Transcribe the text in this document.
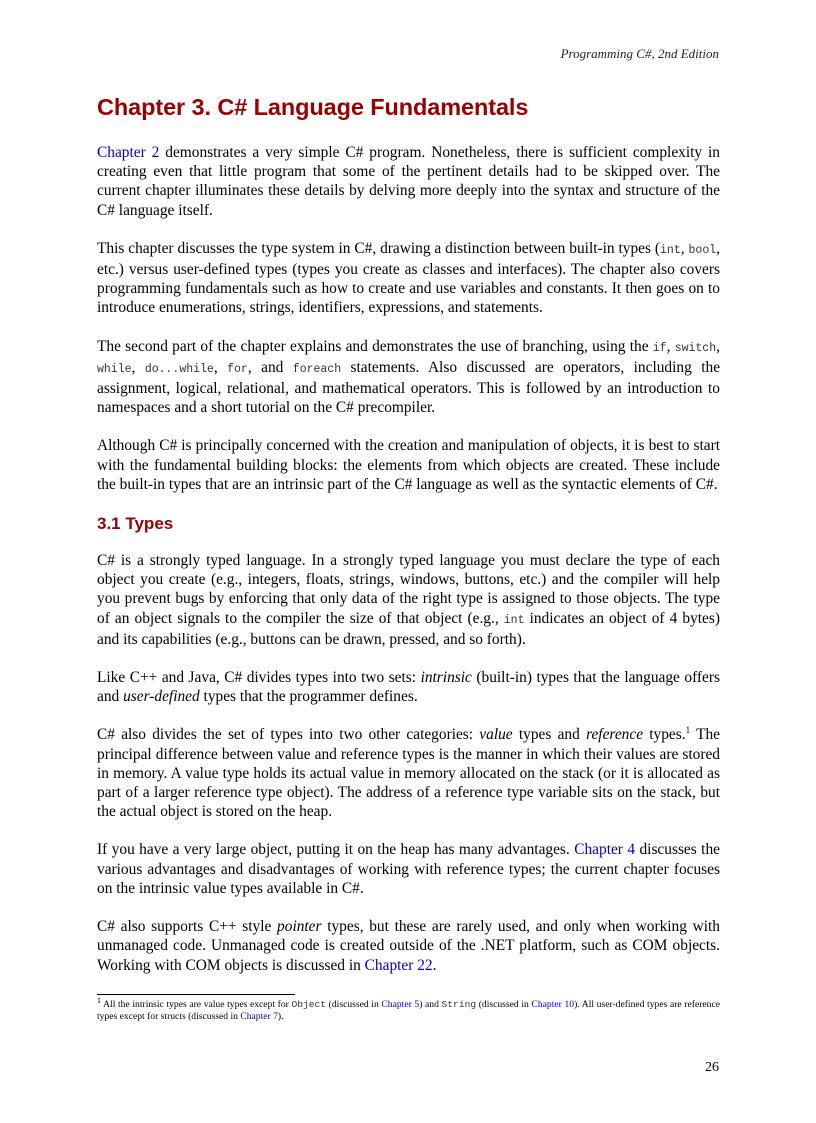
Programming C#, 2nd Edition
Chapter 3. C# Language Fundamentals

Chapter 2 demonstrates a very simple C# program. Nonetheless, there is sufficient complexity in creating even that little program that some of the pertinent details had to be skipped over. The current chapter illuminates these details by delving more deeply into the syntax and structure of the C# language itself.

This chapter discusses the type system in C#, drawing a distinction between built-in types (int, bool, etc.) versus user-defined types (types you create as classes and interfaces). The chapter also covers programming fundamentals such as how to create and use variables and constants. It then goes on to introduce enumerations, strings, identifiers, expressions, and statements.

The second part of the chapter explains and demonstrates the use of branching, using the if, switch, while, do...while, for, and foreach statements. Also discussed are operators, including the assignment, logical, relational, and mathematical operators. This is followed by an introduction to namespaces and a short tutorial on the C# precompiler.

Although C# is principally concerned with the creation and manipulation of objects, it is best to start with the fundamental building blocks: the elements from which objects are created. These include the built-in types that are an intrinsic part of the C# language as well as the syntactic elements of C#.

3.1 Types

C# is a strongly typed language. In a strongly typed language you must declare the type of each object you create (e.g., integers, floats, strings, windows, buttons, etc.) and the compiler will help you prevent bugs by enforcing that only data of the right type is assigned to those objects. The type of an object signals to the compiler the size of that object (e.g., int indicates an object of 4 bytes) and its capabilities (e.g., buttons can be drawn, pressed, and so forth).

Like C++ and Java, C# divides types into two sets: intrinsic (built-in) types that the language offers and user-defined types that the programmer defines.

C# also divides the set of types into two other categories: value types and reference types.$^1$ The principal difference between value and reference types is the manner in which their values are stored in memory. A value type holds its actual value in memory allocated on the stack (or it is allocated as part of a larger reference type object). The address of a reference type variable sits on the stack, but the actual object is stored on the heap.

If you have a very large object, putting it on the heap has many advantages. Chapter 4 discusses the various advantages and disadvantages of working with reference types; the current chapter focuses on the intrinsic value types available in C#.

C# also supports C++ style pointer types, but these are rarely used, and only when working with unmanaged code. Unmanaged code is created outside of the .NET platform, such as COM objects. Working with COM objects is discussed in Chapter 22.

$^1$ All the intrinsic types are value types except for Object (discussed in Chapter 5) and String (discussed in Chapter 10). All user-defined types are reference types except for structs (discussed in Chapter 7).

26
